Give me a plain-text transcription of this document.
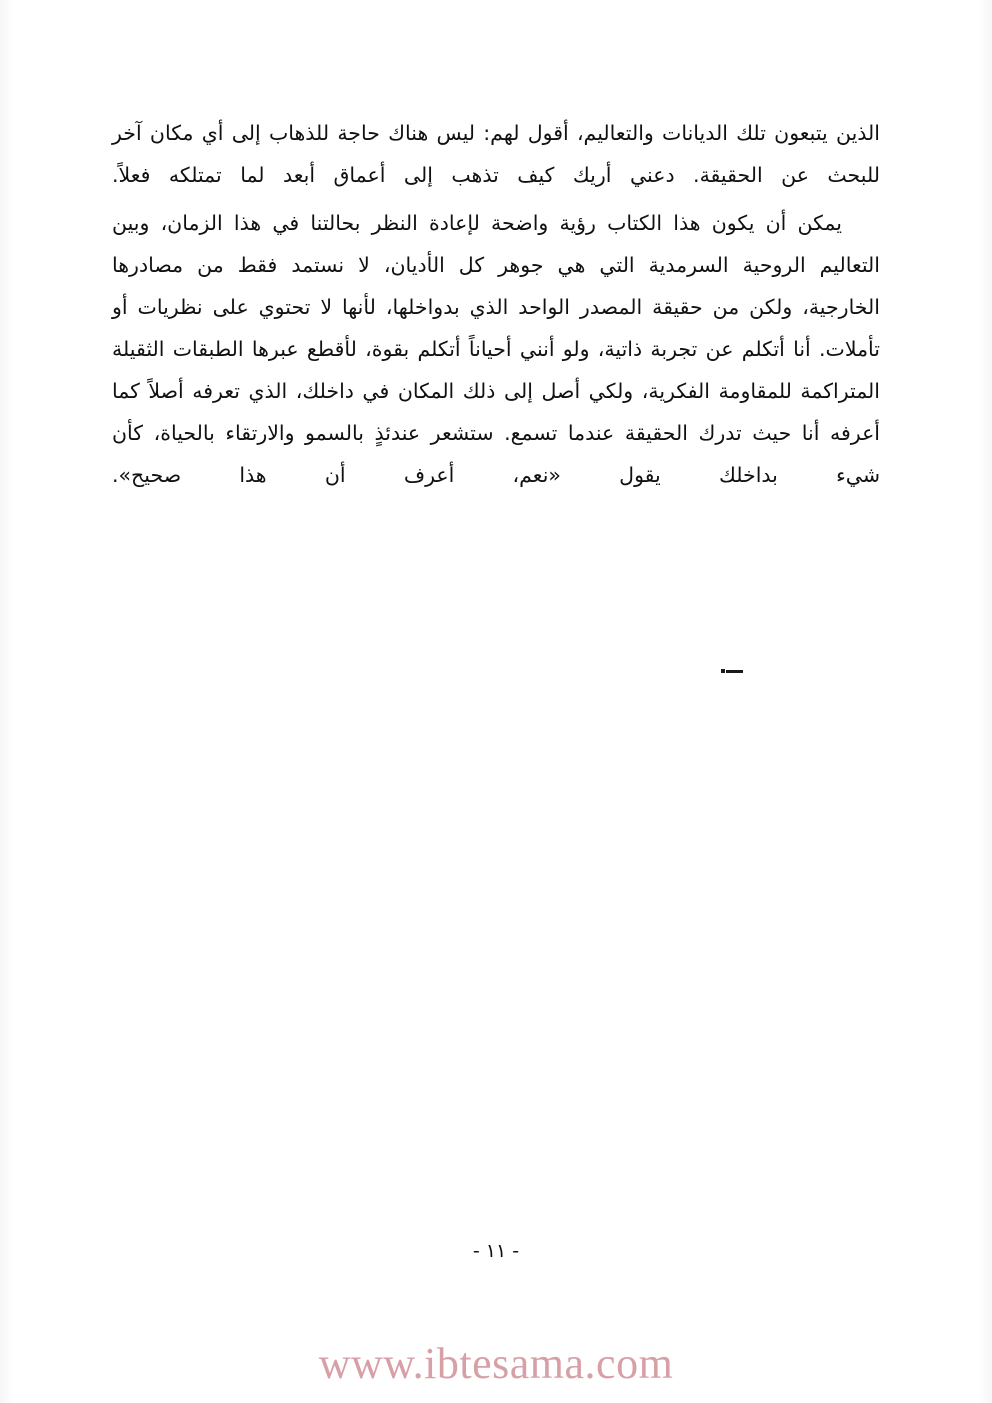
الذين يتبعون تلك الديانات والتعاليم، أقول لهم: ليس هناك حاجة للذهاب إلى أي مكان آخر للبحث عن الحقيقة. دعني أريك كيف تذهب إلى أعماق أبعد لما تمتلكه فعلاً.

يمكن أن يكون هذا الكتاب رؤية واضحة لإعادة النظر بحالتنا في هذا الزمان، وبين التعاليم الروحية السرمدية التي هي جوهر كل الأديان، لا نستمد فقط من مصادرها الخارجية، ولكن من حقيقة المصدر الواحد الذي بدواخلها، لأنها لا تحتوي على نظريات أو تأملات. أنا أتكلم عن تجربة ذاتية، ولو أنني أحياناً أتكلم بقوة، لأقطع عبرها الطبقات الثقيلة المتراكمة للمقاومة الفكرية، ولكي أصل إلى ذلك المكان في داخلك، الذي تعرفه أصلاً كما أعرفه أنا حيث تدرك الحقيقة عندما تسمع. ستشعر عندئذٍ بالسمو والارتقاء بالحياة، كأن شيء بداخلك يقول «نعم، أعرف أن هذا صحيح».

- ١١ -
www.ibtesama.com
